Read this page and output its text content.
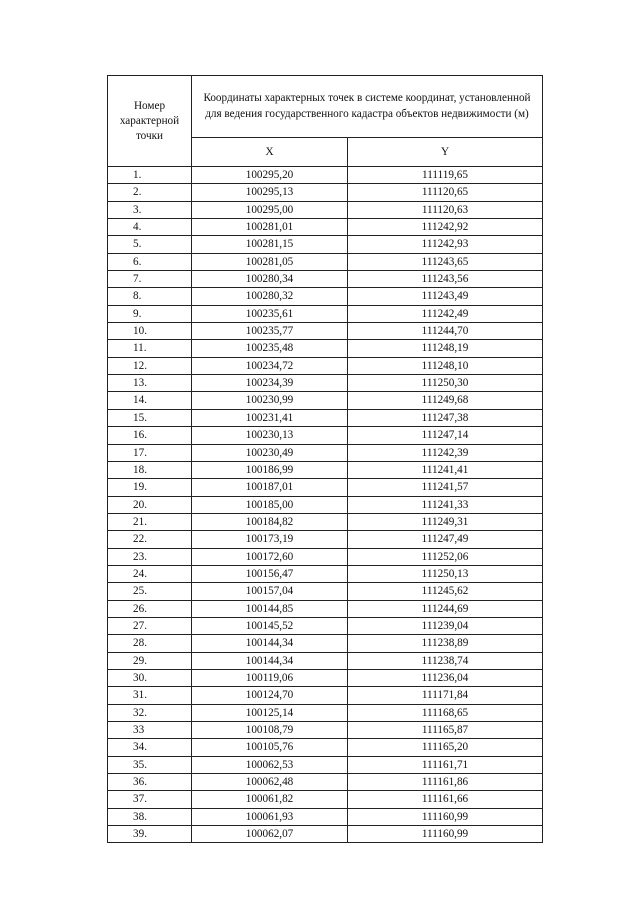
Номер характерной точки	Координаты характерных точек в системе координат, установленной для ведения государственного кадастра объектов недвижимости (м)	
	X	Y
1.	100295,20	111119,65
2.	100295,13	111120,65
3.	100295,00	111120,63
4.	100281,01	111242,92
5.	100281,15	111242,93
6.	100281,05	111243,65
7.	100280,34	111243,56
8.	100280,32	111243,49
9.	100235,61	111242,49
10.	100235,77	111244,70
11.	100235,48	111248,19
12.	100234,72	111248,10
13.	100234,39	111250,30
14.	100230,99	111249,68
15.	100231,41	111247,38
16.	100230,13	111247,14
17.	100230,49	111242,39
18.	100186,99	111241,41
19.	100187,01	111241,57
20.	100185,00	111241,33
21.	100184,82	111249,31
22.	100173,19	111247,49
23.	100172,60	111252,06
24.	100156,47	111250,13
25.	100157,04	111245,62
26.	100144,85	111244,69
27.	100145,52	111239,04
28.	100144,34	111238,89
29.	100144,34	111238,74
30.	100119,06	111236,04
31.	100124,70	111171,84
32.	100125,14	111168,65
33	100108,79	111165,87
34.	100105,76	111165,20
35.	100062,53	111161,71
36.	100062,48	111161,86
37.	100061,82	111161,66
38.	100061,93	111160,99
39.	100062,07	111160,99
